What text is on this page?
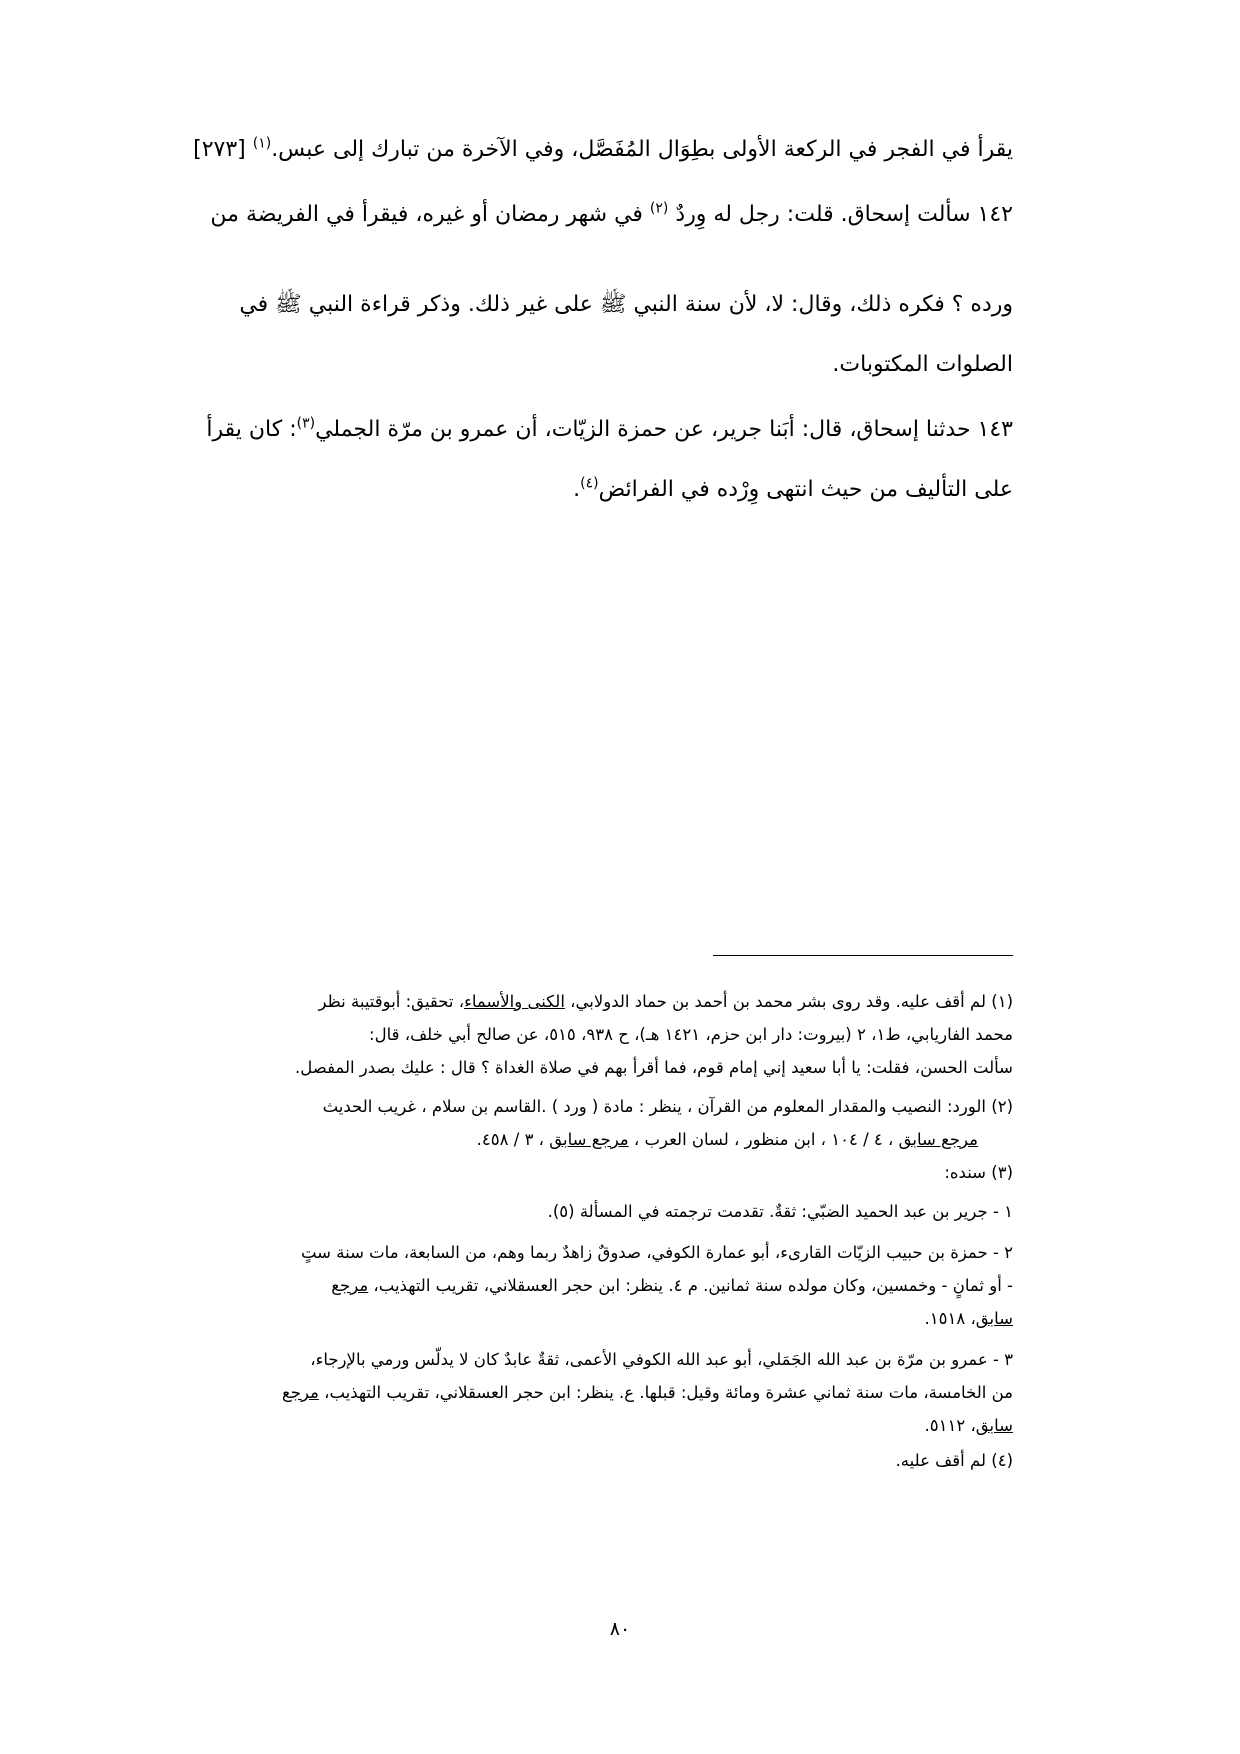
يقرأ في الفجر في الركعة الأولى بطِوَال المُفَصَّل، وفي الآخرة من تبارك إلى عبس.$^{(١)}$ [٢٧٣]
١٤٢ سألت إسحاق. قلت: رجل له وِردٌ $^{(٢)}$ في شهر رمضان أو غيره، فيقرأ في الفريضة من
ورده ؟ فكره ذلك، وقال: لا، لأن سنة النبي ﷺ على غير ذلك. وذكر قراءة النبي ﷺ في
الصلوات المكتوبات.
١٤٣ حدثنا إسحاق، قال: أبَنا جرير، عن حمزة الزيّات، أن عمرو بن مرّة الجملي$^{(٣)}$: كان يقرأ
على التأليف من حيث انتهى وِرْده في الفرائض$^{(٤)}$.
(١) لم أقف عليه. وقد روى بشر محمد بن أحمد بن حماد الدولابي، الكنى والأسماء، تحقيق: أبوقتيبة نظر
محمد الفاريابي، ط١، ٢ (بيروت: دار ابن حزم، ١٤٢١ هـ)، ح ٩٣٨، ٥١٥، عن صالح أبي خلف، قال:
سألت الحسن، فقلت: يا أبا سعيد إني إمام قوم، فما أقرأ بهم في صلاة الغداة ؟ قال : عليك بصدر المفصل.
(٢) الورد: النصيب والمقدار المعلوم من القرآن ، ينظر : مادة ( ورد ) .القاسم بن سلام ، غريب الحديث
مرجع سابق ، ٤ / ١٠٤ ، ابن منظور ، لسان العرب ، مرجع سابق ، ٣ / ٤٥٨.
(٣) سنده:
١ - جرير بن عبد الحميد الضبّي: ثقةٌ. تقدمت ترجمته في المسألة (٥).
٢ - حمزة بن حبيب الزيّات القارىء، أبو عمارة الكوفي، صدوقٌ زاهدٌ ربما وهم، من السابعة، مات سنة ستٍ
- أو ثمانٍ - وخمسين، وكان مولده سنة ثمانين. م ٤. ينظر: ابن حجر العسقلاني، تقريب التهذيب، مرجع
سابق، ١٥١٨.
٣ - عمرو بن مرّة بن عبد الله الجَمَلي، أبو عبد الله الكوفي الأعمى، ثقةٌ عابدٌ كان لا يدلّس ورمي بالإرجاء،
من الخامسة، مات سنة ثماني عشرة ومائة وقيل: قبلها. ع. ينظر: ابن حجر العسقلاني، تقريب التهذيب، مرجع
سابق، ٥١١٢.
(٤) لم أقف عليه.
٨٠
